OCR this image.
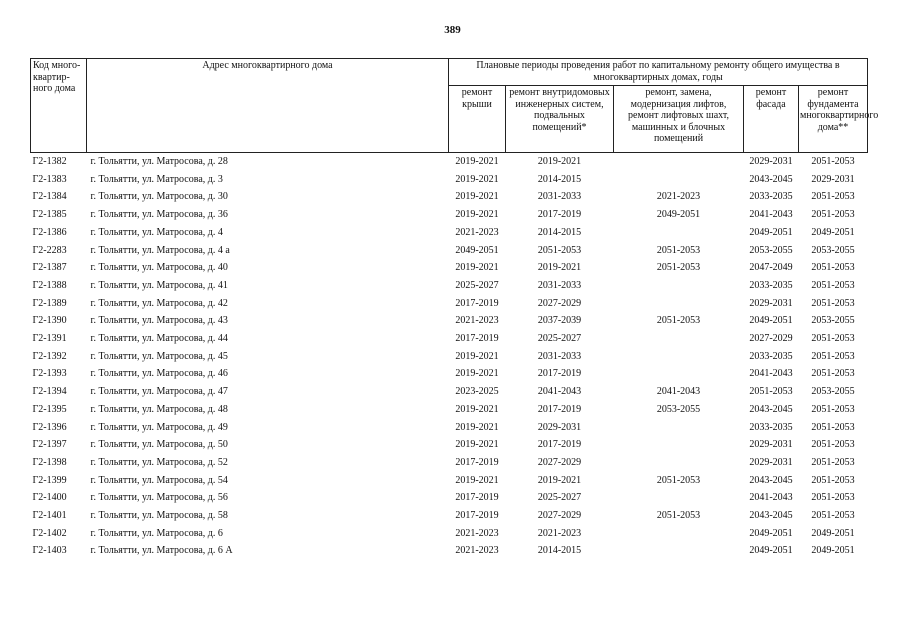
389
Код много-квартир-ного дома	Адрес многоквартирного дома	Плановые периоды проведения работ по капитальному ремонту общего имущества в многоквартирных домах, годы				
		ремонт крыши	ремонт внутридомовых инженерных систем, подвальных помещений*	ремонт, замена, модернизация лифтов, ремонт лифтовых шахт, машинных и блочных помещений	ремонт фасада	ремонт фундамента многоквартирного дома**
Г2-1382	г. Тольятти, ул. Матросова, д. 28	2019-2021	2019-2021		2029-2031	2051-2053
Г2-1383	г. Тольятти, ул. Матросова, д. 3	2019-2021	2014-2015		2043-2045	2029-2031
Г2-1384	г. Тольятти, ул. Матросова, д. 30	2019-2021	2031-2033	2021-2023	2033-2035	2051-2053
Г2-1385	г. Тольятти, ул. Матросова, д. 36	2019-2021	2017-2019	2049-2051	2041-2043	2051-2053
Г2-1386	г. Тольятти, ул. Матросова, д. 4	2021-2023	2014-2015		2049-2051	2049-2051
Г2-2283	г. Тольятти, ул. Матросова, д. 4 а	2049-2051	2051-2053	2051-2053	2053-2055	2053-2055
Г2-1387	г. Тольятти, ул. Матросова, д. 40	2019-2021	2019-2021	2051-2053	2047-2049	2051-2053
Г2-1388	г. Тольятти, ул. Матросова, д. 41	2025-2027	2031-2033		2033-2035	2051-2053
Г2-1389	г. Тольятти, ул. Матросова, д. 42	2017-2019	2027-2029		2029-2031	2051-2053
Г2-1390	г. Тольятти, ул. Матросова, д. 43	2021-2023	2037-2039	2051-2053	2049-2051	2053-2055
Г2-1391	г. Тольятти, ул. Матросова, д. 44	2017-2019	2025-2027		2027-2029	2051-2053
Г2-1392	г. Тольятти, ул. Матросова, д. 45	2019-2021	2031-2033		2033-2035	2051-2053
Г2-1393	г. Тольятти, ул. Матросова, д. 46	2019-2021	2017-2019		2041-2043	2051-2053
Г2-1394	г. Тольятти, ул. Матросова, д. 47	2023-2025	2041-2043	2041-2043	2051-2053	2053-2055
Г2-1395	г. Тольятти, ул. Матросова, д. 48	2019-2021	2017-2019	2053-2055	2043-2045	2051-2053
Г2-1396	г. Тольятти, ул. Матросова, д. 49	2019-2021	2029-2031		2033-2035	2051-2053
Г2-1397	г. Тольятти, ул. Матросова, д. 50	2019-2021	2017-2019		2029-2031	2051-2053
Г2-1398	г. Тольятти, ул. Матросова, д. 52	2017-2019	2027-2029		2029-2031	2051-2053
Г2-1399	г. Тольятти, ул. Матросова, д. 54	2019-2021	2019-2021	2051-2053	2043-2045	2051-2053
Г2-1400	г. Тольятти, ул. Матросова, д. 56	2017-2019	2025-2027		2041-2043	2051-2053
Г2-1401	г. Тольятти, ул. Матросова, д. 58	2017-2019	2027-2029	2051-2053	2043-2045	2051-2053
Г2-1402	г. Тольятти, ул. Матросова, д. 6	2021-2023	2021-2023		2049-2051	2049-2051
Г2-1403	г. Тольятти, ул. Матросова, д. 6 А	2021-2023	2014-2015		2049-2051	2049-2051
